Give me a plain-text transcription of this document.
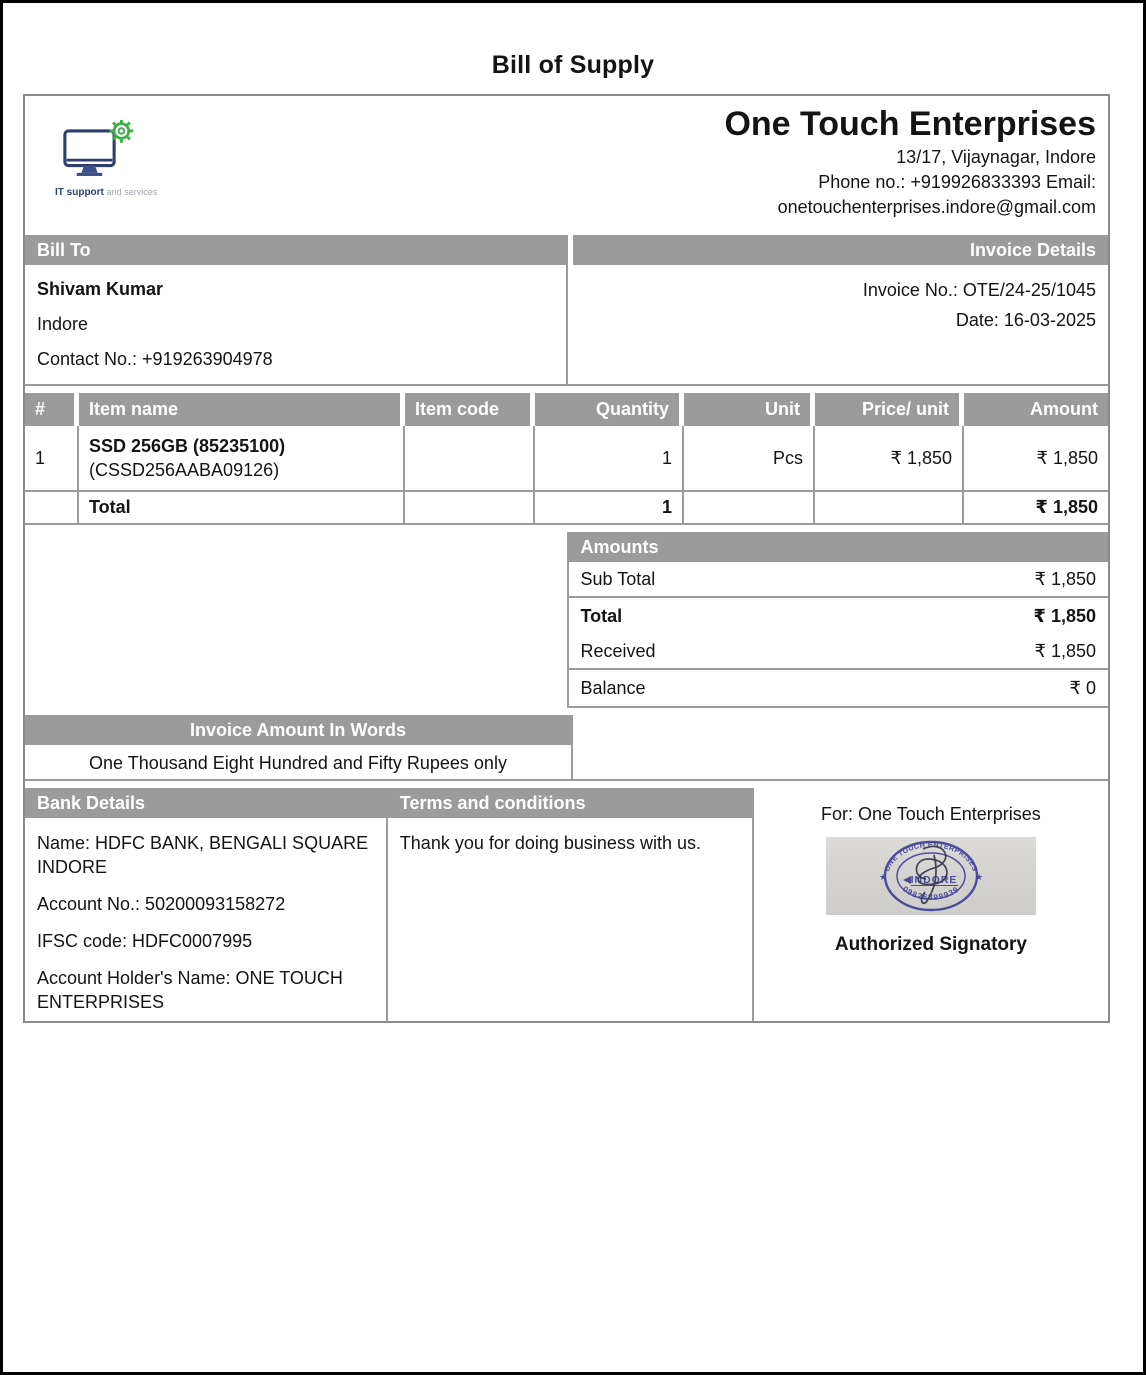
Bill of Supply
IT support and services
One Touch Enterprises
13/17, Vijaynagar, Indore
Phone no.: +919926833393 Email:
onetouchenterprises.indore@gmail.com
Bill To	Invoice Details

Shivam Kumar

Indore

Contact No.: +919263904978

Invoice No.: OTE/24-25/1045

Date: 16-03-2025

#	Item name	Item code	Quantity	Unit	Price/ unit	Amount
1	SSD 256GB (85235100)
(CSSD256AABA09126)		1	Pcs	₹ 1,850	₹ 1,850
	Total		1			₹ 1,850
Amounts
Sub Total	₹ 1,850
Total	₹ 1,850
Received	₹ 1,850
Balance	₹ 0
Invoice Amount In Words
One Thousand Eight Hundred and Fifty Rupees only
Bank Details

Name: HDFC BANK, BENGALI SQUARE INDORE

Account No.: 50200093158272

IFSC code: HDFC0007995

Account Holder's Name: ONE TOUCH ENTERPRISES

Terms and conditions

Thank you for doing business with us.

For: One Touch Enterprises
ONE TOUCH ENTERPRISES
09826899939
★	★
INDORE
Authorized Signatory
